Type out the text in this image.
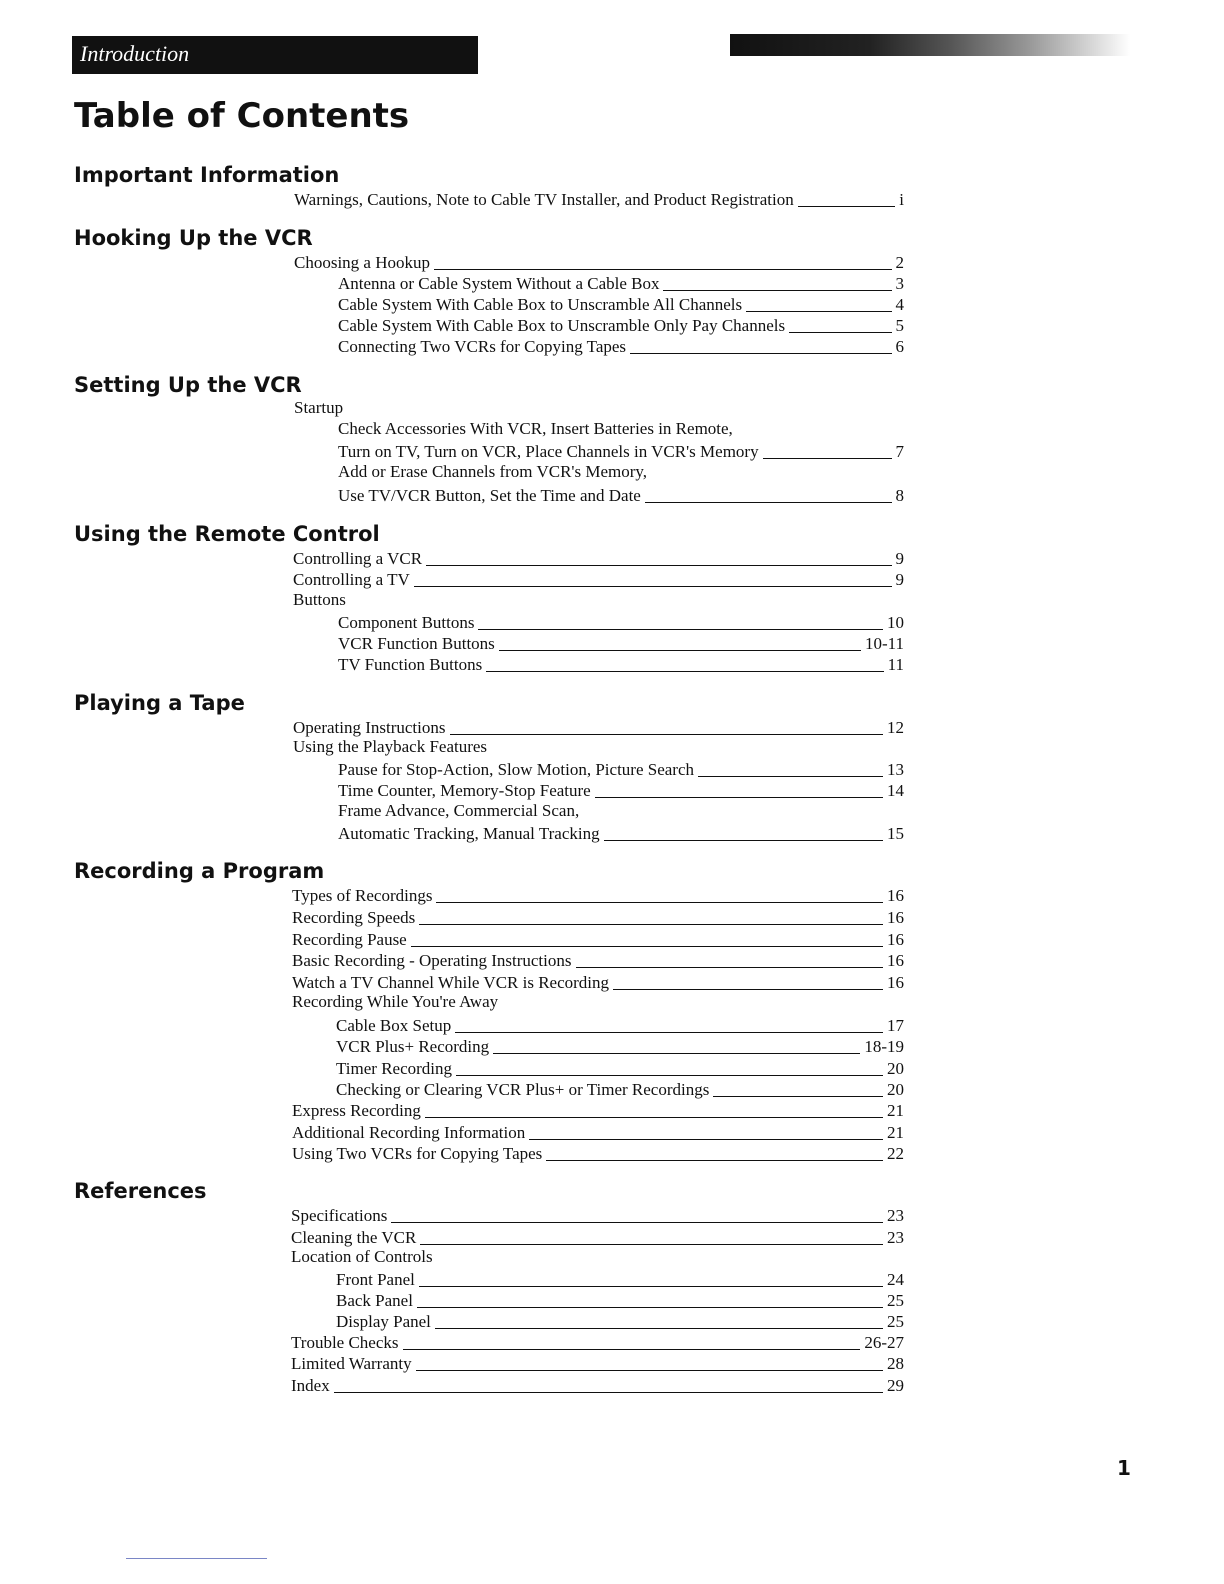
Introduction
Table of Contents
Important Information
Warnings, Cautions, Note to Cable TV Installer, and Product Registration	i
Hooking Up the VCR
Choosing a Hookup	2
Antenna or Cable System Without a Cable Box	3
Cable System With Cable Box to Unscramble All Channels	4
Cable System With Cable Box to Unscramble Only Pay Channels	5
Connecting Two VCRs for Copying Tapes	6
Setting Up the VCR
Startup
Check Accessories With VCR, Insert Batteries in Remote,
Turn on TV, Turn on VCR, Place Channels in VCR's Memory	7
Add or Erase Channels from VCR's Memory,
Use TV/VCR Button, Set the Time and Date	8
Using the Remote Control
Controlling a VCR	9
Controlling a TV	9
Buttons
Component Buttons	10
VCR Function Buttons	10-11
TV Function Buttons	11
Playing a Tape
Operating Instructions	12
Using the Playback Features
Pause for Stop-Action, Slow Motion, Picture Search	13
Time Counter, Memory-Stop Feature	14
Frame Advance, Commercial Scan,
Automatic Tracking, Manual Tracking	15
Recording a Program
Types of Recordings	16
Recording Speeds	16
Recording Pause	16
Basic Recording - Operating Instructions	16
Watch a TV Channel While VCR is Recording	16
Recording While You're Away
Cable Box Setup	17
VCR Plus+ Recording	18-19
Timer Recording	20
Checking or Clearing VCR Plus+ or Timer Recordings	20
Express Recording	21
Additional Recording Information	21
Using Two VCRs for Copying Tapes	22
References
Specifications	23
Cleaning the VCR	23
Location of Controls
Front Panel	24
Back Panel	25
Display Panel	25
Trouble Checks	26-27
Limited Warranty	28
Index	29
1
